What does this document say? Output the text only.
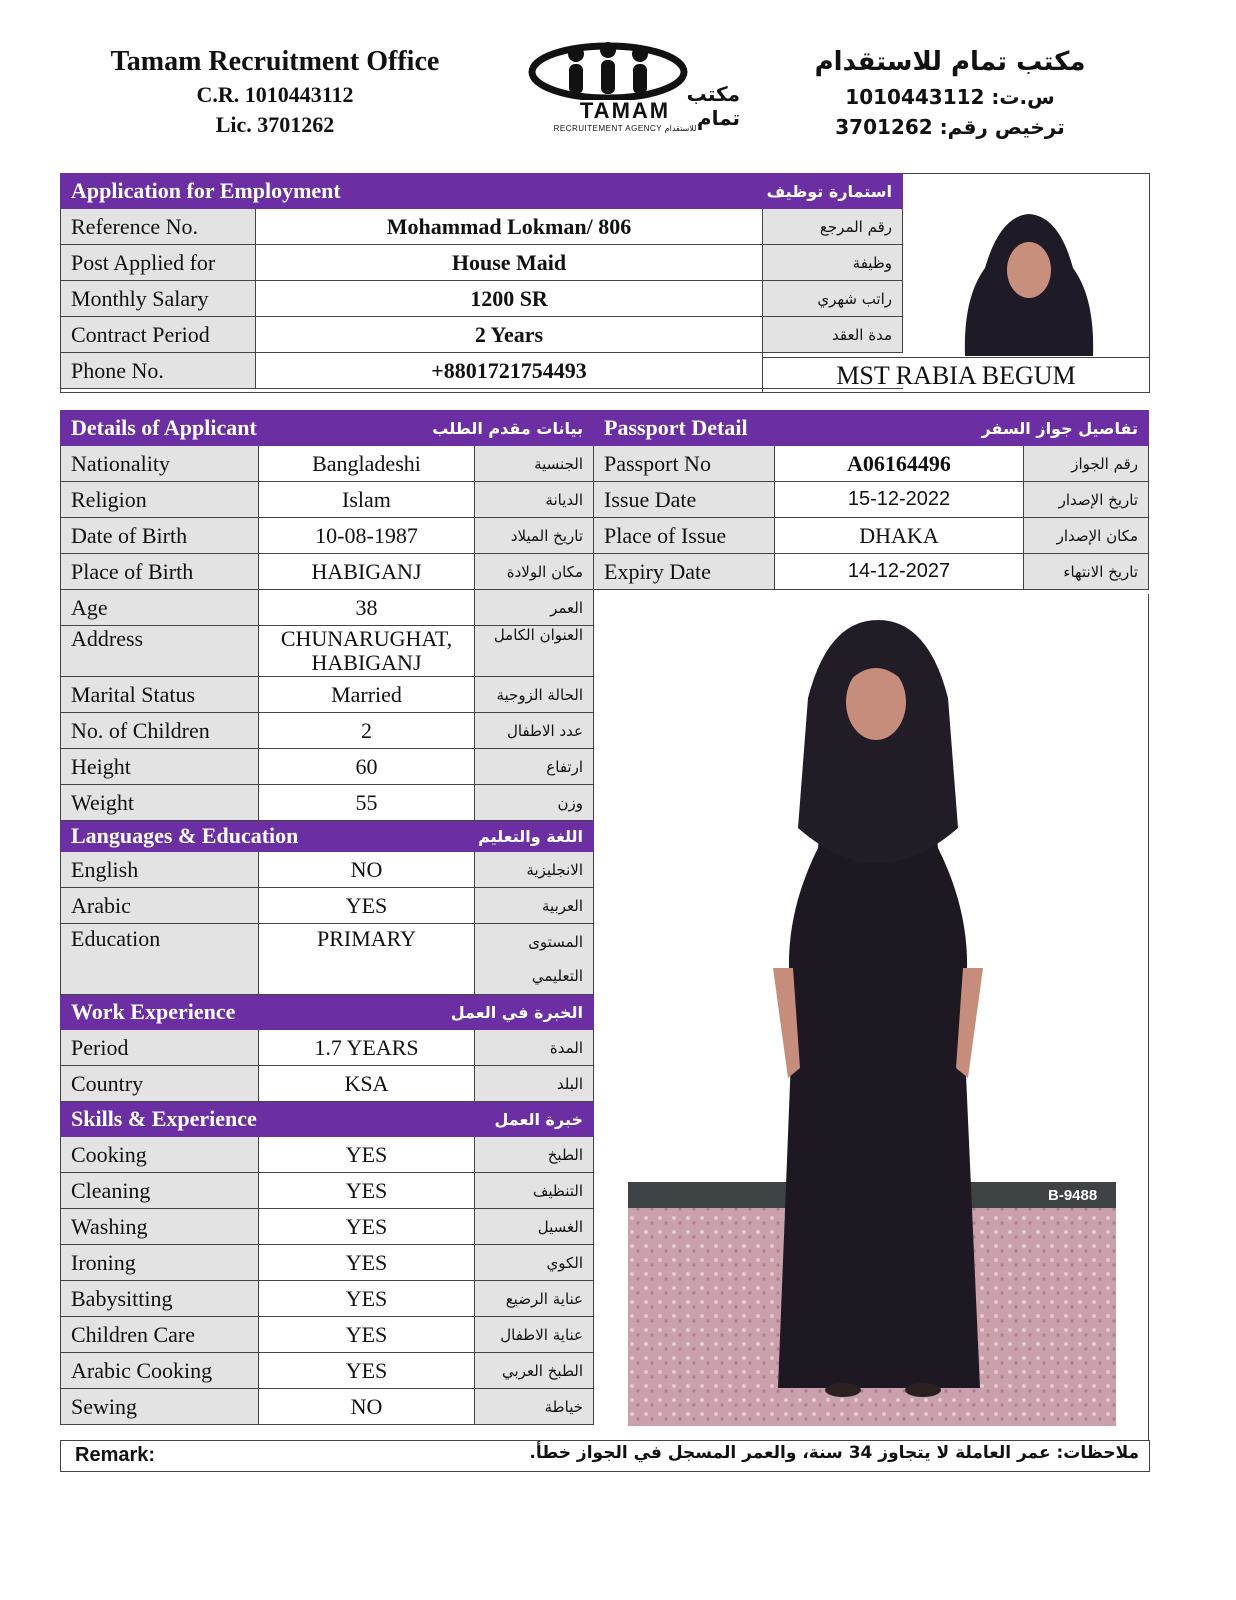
Tamam Recruitment Office
C.R. 1010443112
Lic. 3701262
مكتب تمام
TAMAM
RECRUITEMENT AGENCY للاستقدام
مكتب تمام للاستقدام
س.ت: 1010443112
ترخيص رقم: 3701262
Application for Employment استمارة توظيف		

Reference No.	Mohammad Lokman/ 806	رقم المرجع
Post Applied for	House Maid	وظيفة
Monthly Salary	1200 SR	راتب شهري
Contract Period	2 Years	مدة العقد
Phone No.	+8801721754493		MST RABIA BEGUM
Details of Applicant بيانات مقدم الطلب		

Nationality	Bangladeshi	الجنسية
Religion	Islam	الديانة
Date of Birth	10-08-1987	تاريخ الميلاد
Place of Birth	HABIGANJ	مكان الولادة
Age	38	العمر
Address	CHUNARUGHAT, HABIGANJ	العنوان الكامل
Marital Status	Married	الحالة الزوجية
No. of Children	2	عدد الاطفال
Height	60	ارتفاع
Weight	55	وزن

Languages & Education اللغة والتعليم		

English	NO	الانجليزية
Arabic	YES	العربية
Education	PRIMARY	المستوى التعليمي

Work Experience الخبرة في العمل		

Period	1.7 YEARS	المدة
Country	KSA	البلد

Skills & Experience خبرة العمل		

Cooking	YES	الطبخ
Cleaning	YES	التنظيف
Washing	YES	الغسيل
Ironing	YES	الكوي
Babysitting	YES	عناية الرضيع
Children Care	YES	عناية الاطفال
Arabic Cooking	YES	الطبخ العربي
Sewing	NO	خياطة
Passport Detail تفاصيل جواز السفر		

Passport No	A06164496	رقم الجواز
Issue Date	15-12-2022	تاريخ الإصدار
Place of Issue	DHAKA	مكان الإصدار
Expiry Date	14-12-2027	تاريخ الانتهاء
B-9488
Remark:	ملاحظات: عمر العاملة لا يتجاوز 34 سنة، والعمر المسجل في الجواز خطأ.
